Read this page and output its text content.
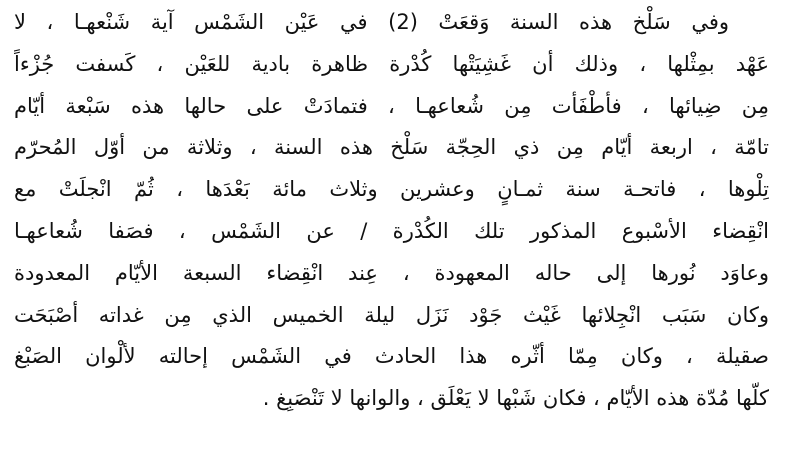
وفي سَلْخ هذه السنة وَقعَتْ (2) في عَيْن الشَمْس آية شَنْعهـا ، لا
عَهْد بمِثْلها ، وذلك أن غَشِيَتْها كُدْرة ظاهرة بادية للعَيْن ، كَسفت جُزْءاً
مِن ضِيائها ، فأطْفَأت مِن شُعاعهـا ، فتمادَتْ على حالها هذه سَبْعة أيّام
تامّة ، اربعة أيّام مِن ذي الحِجّة سَلْخ هذه السنة ، وثلاثة من أوّل المُحرّم
تِلْوها ، فاتحـة سنة ثمـانٍ وعشرين وثلاث مائة بَعْدَها ، ثُمّ انْجلَتْ مع
انْقِضاء الأسْبوع المذكور تلك الكُدْرة / عن الشَمْس ، فصَفا شُعاعهـا
وعاوَد نُورها إلى حاله المعهودة ، عِند انْقِضاء السبعة الأيّام المعدودة
وكان سَبَب انْجِلائها غَيْث جَوْد نَزَل ليلة الخميس الذي مِن غداته أصْبَحَت
صقيلة ، وكان مِمّا أثّره هذا الحادث في الشَمْس إحالته لألْوان الصَبْغ
كلّها مُدّة هذه الأيّام ، فكان شَبْها لا يَعْلَق ، والوانها لا تَنْصَبِغ .
